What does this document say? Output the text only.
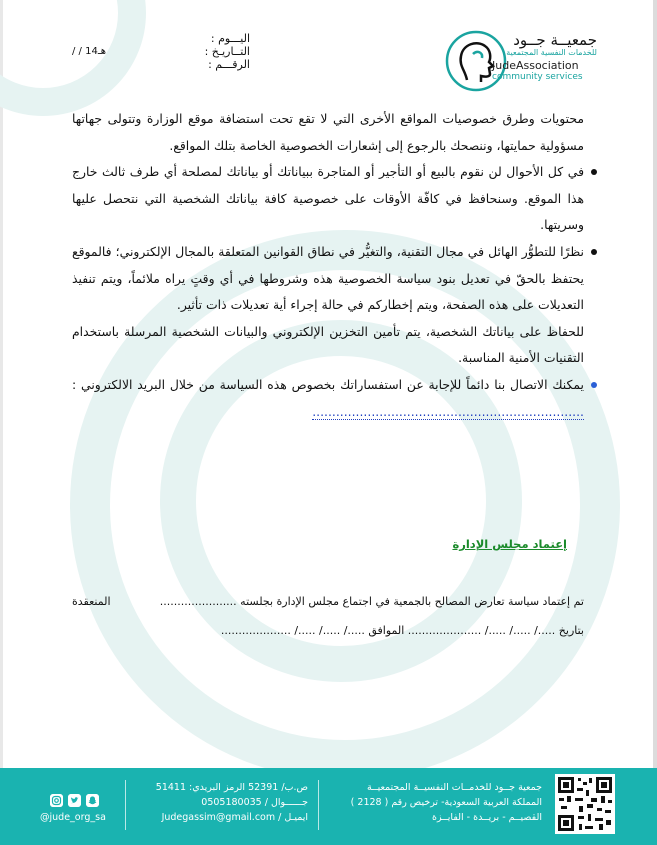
جمعيــة جــود
للخدمات النفسية المجتمعية
JudeAssociation
community services
اليـــوم :
التــاريـخ :
/ / 14هـ
الرقـــم :

محتويات وطرق خصوصيات المواقع الأخرى التي لا تقع تحت استضافة موقع الوزارة وتتولى جهاتها مسؤولية حمايتها، وننصحك بالرجوع إلى إشعارات الخصوصية الخاصة بتلك المواقع.

في كل الأحوال لن نقوم بالبيع أو التأجير أو المتاجرة ببياناتك أو بياناتك لمصلحة أي طرف ثالث خارج هذا الموقع. وسنحافظ في كافّة الأوقات على خصوصية كافة بياناتك الشخصية التي نتحصل عليها وسريتها.
نظرًا للتطوُّر الهائل في مجال التقنية، والتغيُّر في نطاق القوانين المتعلقة بالمجال الإلكتروني؛ فالموقع يحتفظ بالحقّ في تعديل بنود سياسة الخصوصية هذه وشروطها في أي وقتٍ يراه ملائماً، ويتم تنفيذ التعديلات على هذه الصفحة، ويتم إخطاركم في حالة إجراء أية تعديلات ذات تأثير.
للحفاظ على بياناتك الشخصية، يتم تأمين التخزين الإلكتروني والبيانات الشخصية المرسلة باستخدام التقنيات الأمنية المناسبة.
يمكنك الاتصال بنا دائماً للإجابة عن استفساراتك بخصوص هذه السياسة من خلال البريد الالكتروني : .....................................................................
إعتماد مجلس الإدارة
تم إعتماد سياسة تعارض المصالح بالجمعية في اجتماع مجلس الإدارة بجلسته ......................
المنعقدة
بتاريخ .....‏/‏ ...../‏ .....‏/‏ ..................... الموافق ...../‏ ...../‏ .....‏/‏ ....................
جمعية جــود للخدمــات النفسيــة المجتمعيــة
المملكة العربية السعودية- ترخيص رقم ( 2128 )
القصيــم - بريــدة - الفايــزة
ص.ب/ 52391 الرمز البريدي: 51411
جــــــوال / 0505180035
ايميـل / Judegassim@gmail.com
@jude_org_sa
